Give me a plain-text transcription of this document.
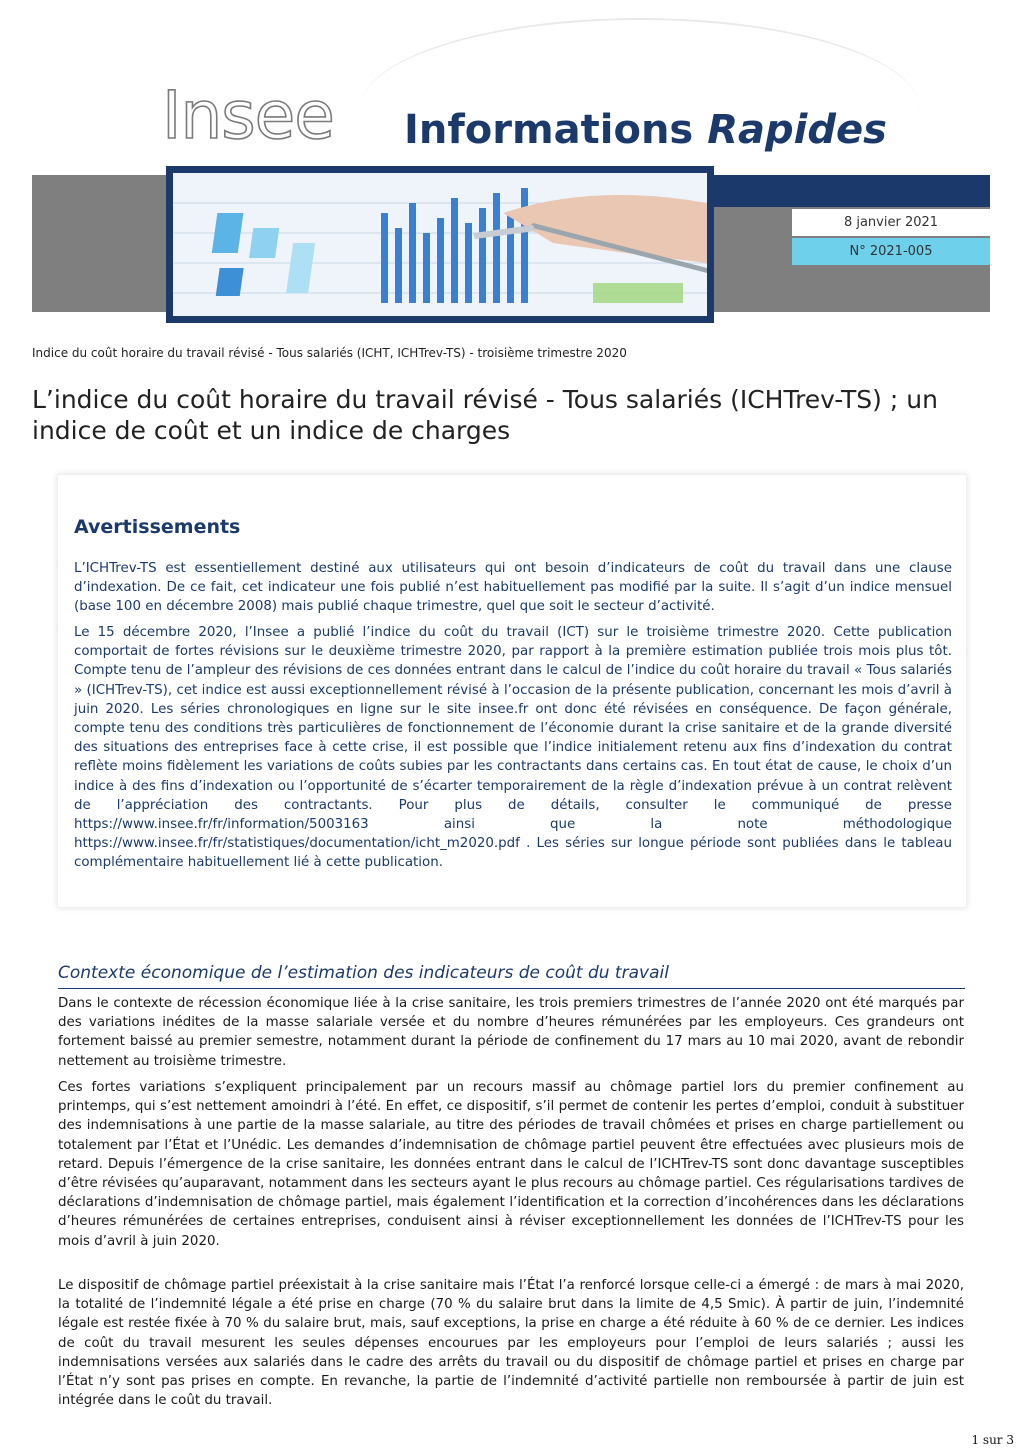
Insee Informations Rapides
8 janvier 2021
N° 2021-005
Indice du coût horaire du travail révisé - Tous salariés (ICHT, ICHTrev-TS) - troisième trimestre 2020
L’indice du coût horaire du travail révisé - Tous salariés (ICHTrev-TS) ; un indice de coût et un indice de charges
Avertissements
L’ICHTrev-TS est essentiellement destiné aux utilisateurs qui ont besoin d’indicateurs de coût du travail dans une clause d’indexation. De ce fait, cet indicateur une fois publié n’est habituellement pas modifié par la suite. Il s’agit d’un indice mensuel (base 100 en décembre 2008) mais publié chaque trimestre, quel que soit le secteur d’activité.
Le 15 décembre 2020, l’Insee a publié l’indice du coût du travail (ICT) sur le troisième trimestre 2020. Cette publication comportait de fortes révisions sur le deuxième trimestre 2020, par rapport à la première estimation publiée trois mois plus tôt. Compte tenu de l’ampleur des révisions de ces données entrant dans le calcul de l’indice du coût horaire du travail « Tous salariés » (ICHTrev-TS), cet indice est aussi exceptionnellement révisé à l’occasion de la présente publication, concernant les mois d’avril à juin 2020. Les séries chronologiques en ligne sur le site insee.fr ont donc été révisées en conséquence. De façon générale, compte tenu des conditions très particulières de fonctionnement de l’économie durant la crise sanitaire et de la grande diversité des situations des entreprises face à cette crise, il est possible que l’indice initialement retenu aux fins d’indexation du contrat reflète moins fidèlement les variations de coûts subies par les contractants dans certains cas. En tout état de cause, le choix d’un indice à des fins d’indexation ou l’opportunité de s’écarter temporairement de la règle d’indexation prévue à un contrat relèvent de l’appréciation des contractants. Pour plus de détails, consulter le communiqué de presse https://www.insee.fr/fr/information/5003163 ainsi que la note méthodologique https://www.insee.fr/fr/statistiques/documentation/icht_m2020.pdf . Les séries sur longue période sont publiées dans le tableau complémentaire habituellement lié à cette publication.
Contexte économique de l’estimation des indicateurs de coût du travail
Dans le contexte de récession économique liée à la crise sanitaire, les trois premiers trimestres de l’année 2020 ont été marqués par des variations inédites de la masse salariale versée et du nombre d’heures rémunérées par les employeurs. Ces grandeurs ont fortement baissé au premier semestre, notamment durant la période de confinement du 17 mars au 10 mai 2020, avant de rebondir nettement au troisième trimestre.
Ces fortes variations s’expliquent principalement par un recours massif au chômage partiel lors du premier confinement au printemps, qui s’est nettement amoindri à l’été. En effet, ce dispositif, s’il permet de contenir les pertes d’emploi, conduit à substituer des indemnisations à une partie de la masse salariale, au titre des périodes de travail chômées et prises en charge partiellement ou totalement par l’État et l’Unédic. Les demandes d’indemnisation de chômage partiel peuvent être effectuées avec plusieurs mois de retard. Depuis l’émergence de la crise sanitaire, les données entrant dans le calcul de l’ICHTrev-TS sont donc davantage susceptibles d’être révisées qu’auparavant, notamment dans les secteurs ayant le plus recours au chômage partiel. Ces régularisations tardives de déclarations d’indemnisation de chômage partiel, mais également l’identification et la correction d’incohérences dans les déclarations d’heures rémunérées de certaines entreprises, conduisent ainsi à réviser exceptionnellement les données de l’ICHTrev-TS pour les mois d’avril à juin 2020.
Le dispositif de chômage partiel préexistait à la crise sanitaire mais l’État l’a renforcé lorsque celle-ci a émergé : de mars à mai 2020, la totalité de l’indemnité légale a été prise en charge (70 % du salaire brut dans la limite de 4,5 Smic). À partir de juin, l’indemnité légale est restée fixée à 70 % du salaire brut, mais, sauf exceptions, la prise en charge a été réduite à 60 % de ce dernier. Les indices de coût du travail mesurent les seules dépenses encourues par les employeurs pour l’emploi de leurs salariés ; aussi les indemnisations versées aux salariés dans le cadre des arrêts du travail ou du dispositif de chômage partiel et prises en charge par l’État n’y sont pas prises en compte. En revanche, la partie de l’indemnité d’activité partielle non remboursée à partir de juin est intégrée dans le coût du travail.
1 sur 3
